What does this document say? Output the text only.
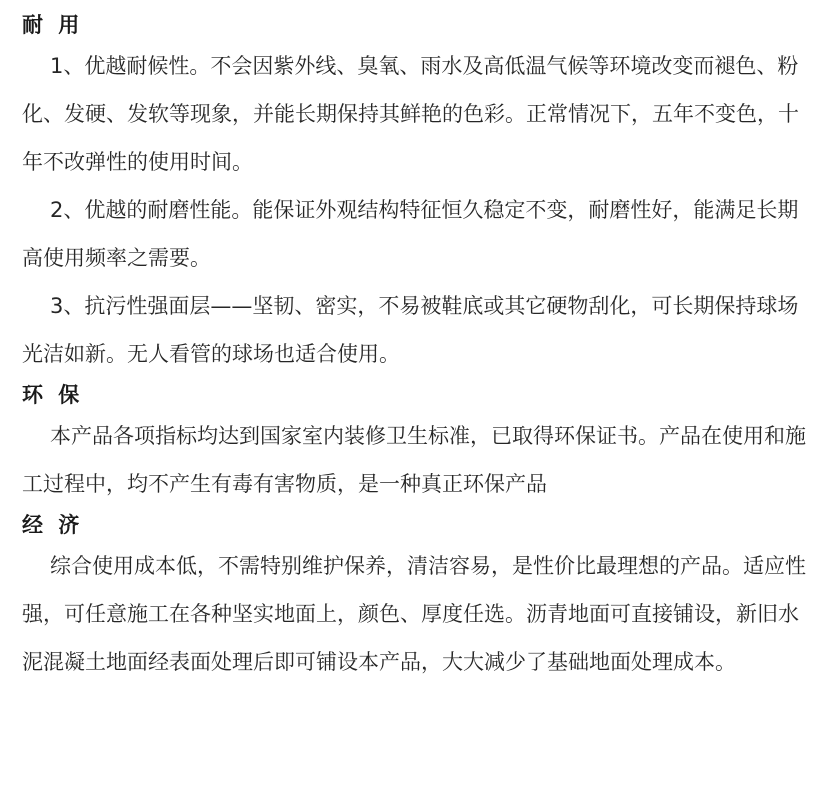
耐 用

1、优越耐候性。不会因紫外线、臭氧、雨水及高低温气候等环境改变而褪色、粉化、发硬、发软等现象，并能长期保持其鲜艳的色彩。正常情况下，五年不变色，十年不改弹性的使用时间。

2、优越的耐磨性能。能保证外观结构特征恒久稳定不变，耐磨性好，能满足长期高使用频率之需要。

3、抗污性强面层——坚韧、密实，不易被鞋底或其它硬物刮化，可长期保持球场光洁如新。无人看管的球场也适合使用。

环 保

本产品各项指标均达到国家室内装修卫生标准，已取得环保证书。产品在使用和施工过程中，均不产生有毒有害物质，是一种真正环保产品

经 济

综合使用成本低，不需特别维护保养，清洁容易，是性价比最理想的产品。适应性强，可任意施工在各种坚实地面上，颜色、厚度任选。沥青地面可直接铺设，新旧水泥混凝土地面经表面处理后即可铺设本产品，大大减少了基础地面处理成本。
